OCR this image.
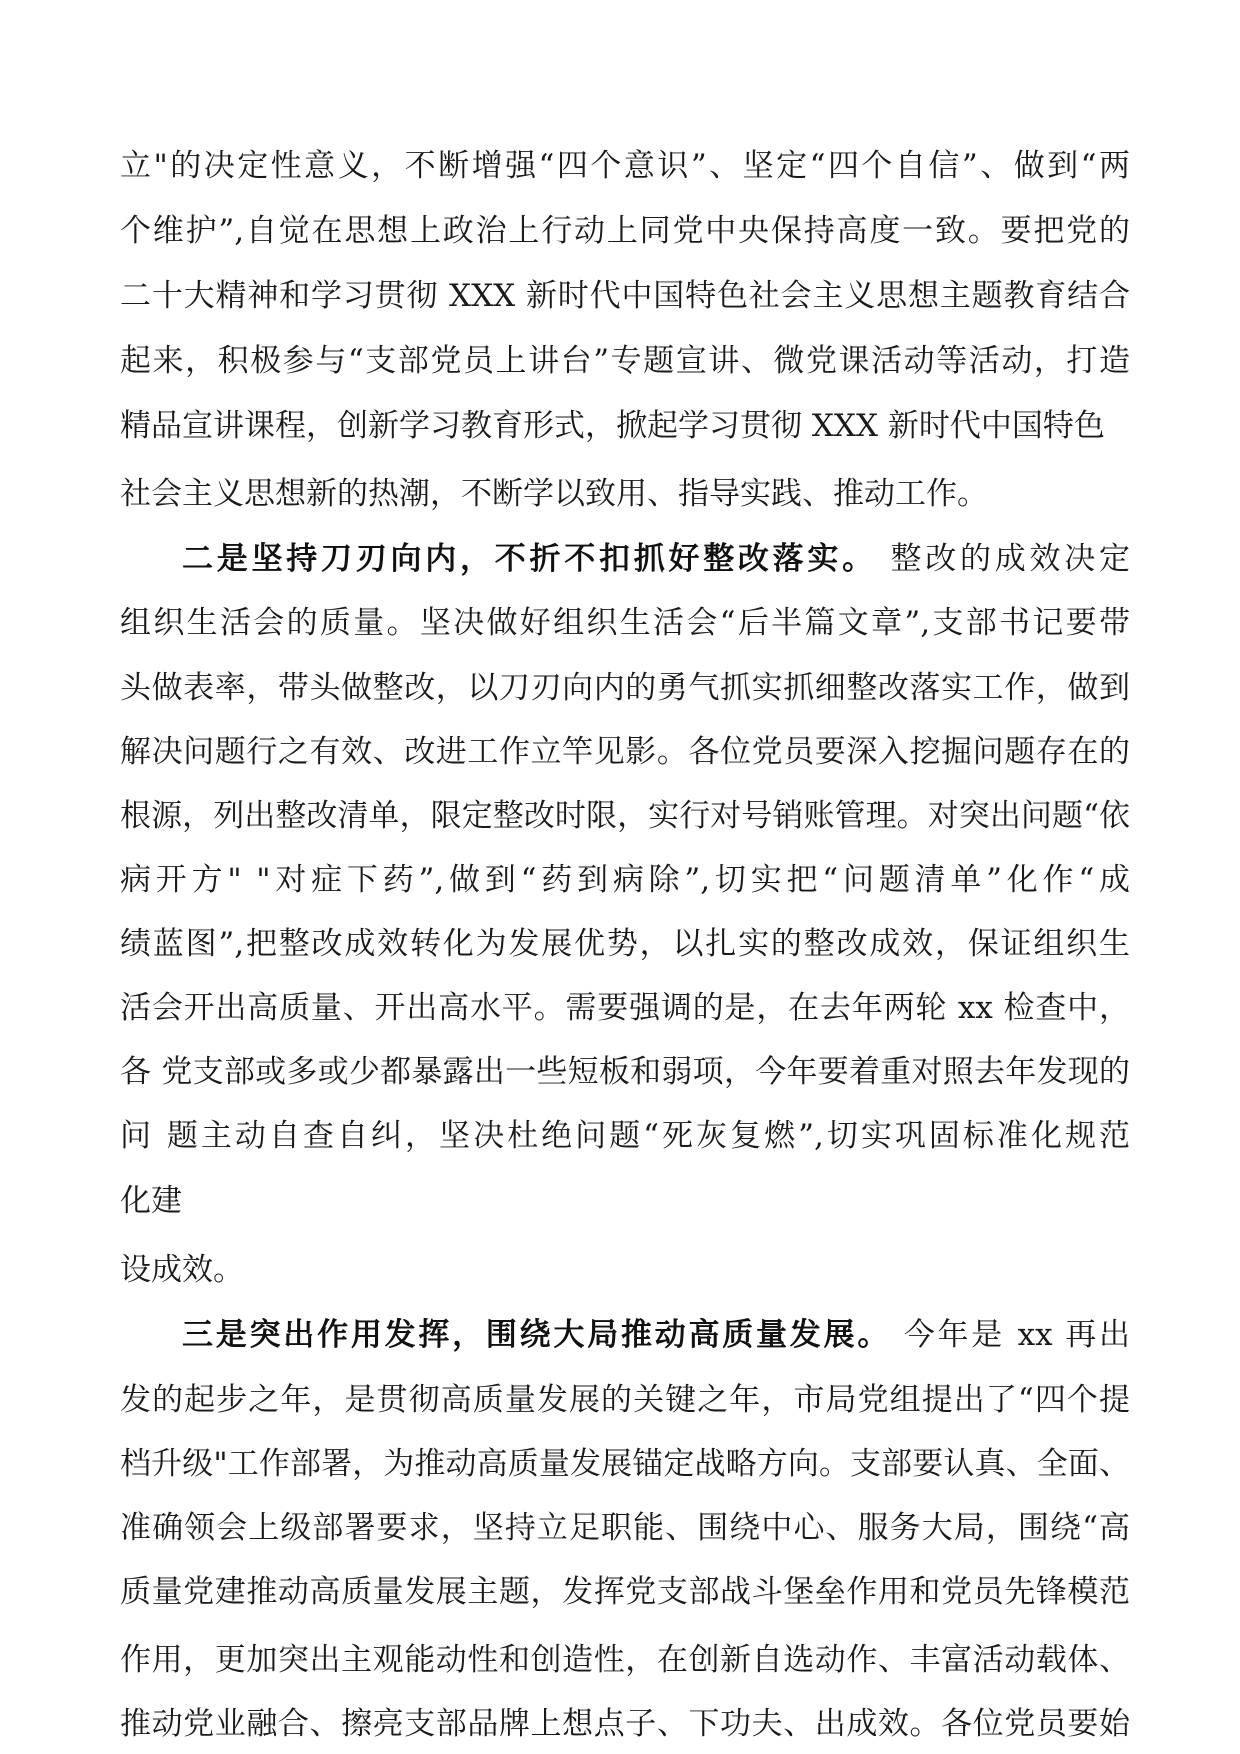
立"的决定性意义，不断增强“四个意识”、坚定“四个自信”、做到“两
个维护”,自觉在思想上政治上行动上同党中央保持高度一致。要把党的
二十大精神和学习贯彻 XXX 新时代中国特色社会主义思想主题教育结合
起来，积极参与“支部党员上讲台”专题宣讲、微党课活动等活动，打造
精品宣讲课程，创新学习教育形式，掀起学习贯彻 XXX 新时代中国特色
社会主义思想新的热潮，不断学以致用、指导实践、推动工作。
二是坚持刀刃向内，不折不扣抓好整改落实。 整改的成效决定
组织生活会的质量。坚决做好组织生活会“后半篇文章”,支部书记要带
头做表率，带头做整改，以刀刃向内的勇气抓实抓细整改落实工作，做到
解决问题行之有效、改进工作立竿见影。各位党员要深入挖掘问题存在的
根源，列出整改清单，限定整改时限，实行对号销账管理。对突出问题“依
病开方" "对症下药”,做到“药到病除”,切实把“问题清单”化作“成
绩蓝图”,把整改成效转化为发展优势，以扎实的整改成效，保证组织生
活会开出高质量、开出高水平。需要强调的是，在去年两轮 xx 检查中，
各 党支部或多或少都暴露出一些短板和弱项，今年要着重对照去年发现的
问 题主动自查自纠，坚决杜绝问题“死灰复燃”,切实巩固标准化规范
化建
设成效。
三是突出作用发挥，围绕大局推动高质量发展。 今年是 xx 再出
发的起步之年，是贯彻高质量发展的关键之年，市局党组提出了“四个提
档升级"工作部署，为推动高质量发展锚定战略方向。支部要认真、全面、
准确领会上级部署要求，坚持立足职能、围绕中心、服务大局，围绕“高
质量党建推动高质量发展主题，发挥党支部战斗堡垒作用和党员先锋模范
作用，更加突出主观能动性和创造性，在创新自选动作、丰富活动载体、
推动党业融合、擦亮支部品牌上想点子、下功夫、出成效。各位党员要始
